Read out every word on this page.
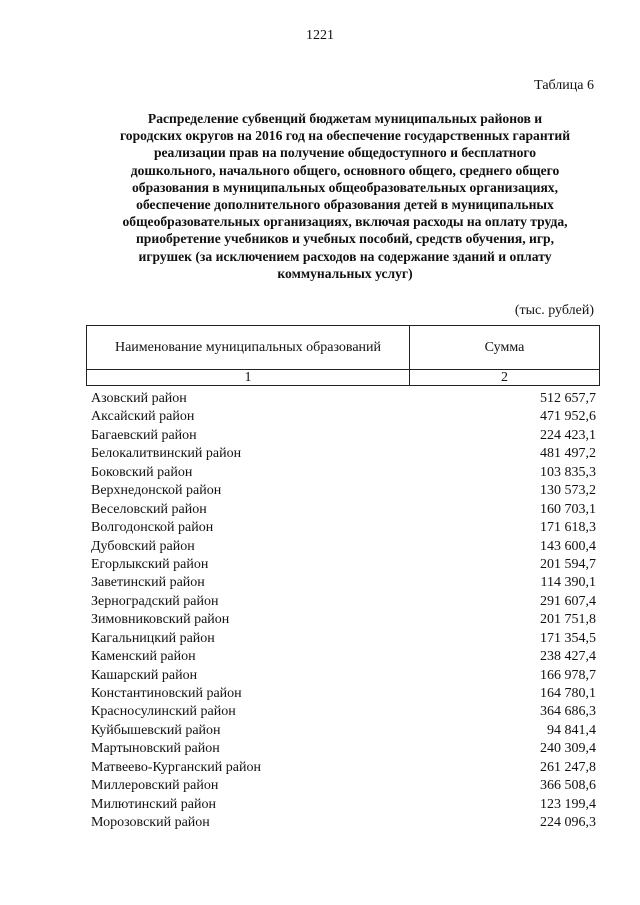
1221
Таблица 6
Распределение субвенций бюджетам муниципальных районов и
городских округов на 2016 год на обеспечение государственных гарантий
реализации прав на получение общедоступного и бесплатного
дошкольного, начального общего, основного общего, среднего общего
образования в муниципальных общеобразовательных организациях,
обеспечение дополнительного образования детей в муниципальных
общеобразовательных организациях, включая расходы на оплату труда,
приобретение учебников и учебных пособий, средств обучения, игр,
игрушек (за исключением расходов на содержание зданий и оплату
коммунальных услуг)
(тыс. рублей)
Наименование муниципальных образований	Сумма
1	2
Азовский район	512 657,7
Аксайский район	471 952,6
Багаевский район	224 423,1
Белокалитвинский район	481 497,2
Боковский район	103 835,3
Верхнедонской район	130 573,2
Веселовский район	160 703,1
Волгодонской район	171 618,3
Дубовский район	143 600,4
Егорлыкский район	201 594,7
Заветинский район	114 390,1
Зерноградский район	291 607,4
Зимовниковский район	201 751,8
Кагальницкий район	171 354,5
Каменский район	238 427,4
Кашарский район	166 978,7
Константиновский район	164 780,1
Красносулинский район	364 686,3
Куйбышевский район	94 841,4
Мартыновский район	240 309,4
Матвеево-Курганский район	261 247,8
Миллеровский район	366 508,6
Милютинский район	123 199,4
Морозовский район	224 096,3
